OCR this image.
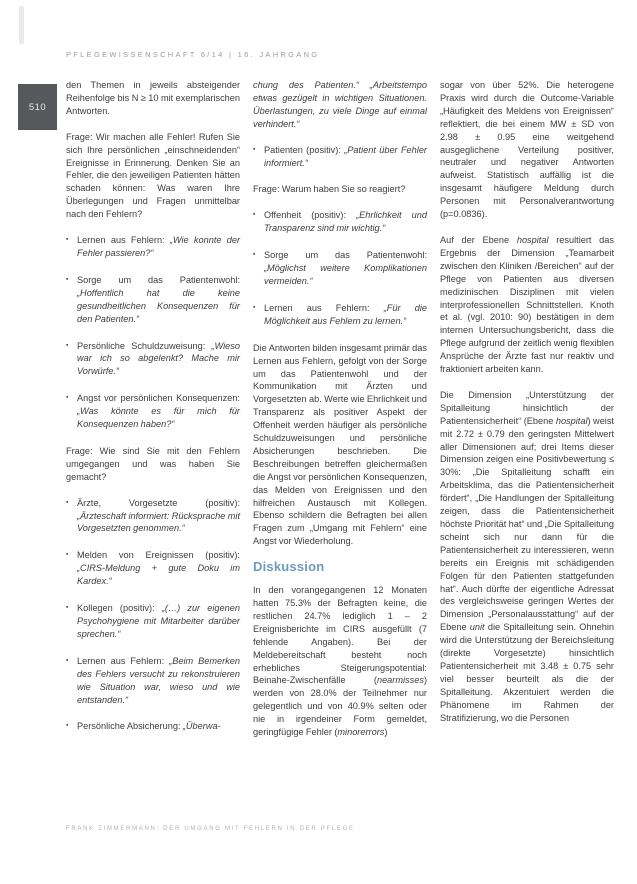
PFLEGEWISSENSCHAFT 6/14 | 16. JAHRGANG
510

den Themen in jeweils absteigender Reihenfolge bis N ≥ 10 mit exemplarischen Antworten.

Frage: Wir machen alle Fehler! Rufen Sie sich Ihre persönlichen „einschneidenden“ Ereignisse in Erinnerung. Denken Sie an Fehler, die den jeweiligen Patienten hätten schaden können: Was waren Ihre Überlegungen und Fragen unmittelbar nach den Fehlern?

▪ Lernen aus Fehlern: „Wie konnte der Fehler passieren?“
▪ Sorge um das Patientenwohl: „Hoffentlich hat die keine gesundheitlichen Konsequenzen für den Patienten.“
▪ Persönliche Schuldzuweisung: „Wieso war ich so abgelenkt? Mache mir Vorwürfe.“
▪ Angst vor persönlichen Konsequenzen: „Was könnte es für mich für Konsequenzen haben?“

Frage: Wie sind Sie mit den Fehlern umgegangen und was haben Sie gemacht?

▪ Ärzte, Vorgesetzte (positiv): „Ärzteschaft informiert: Rücksprache mit Vorgesetzten genommen.“
▪ Melden von Ereignissen (positiv): „CIRS-Meldung + gute Doku im Kardex.“
▪ Kollegen (positiv): „(…) zur eigenen Psychohygiene mit Mitarbeiter darüber sprechen.“
▪ Lernen aus Fehlern: „Beim Bemerken des Fehlers versucht zu rekonstruieren wie Situation war, wieso und wie entstanden.“
▪ Persönliche Absicherung: „Überwa-

chung des Patienten.“ „Arbeitstempo etwas gezügelt in wichtigen Situationen. Überlastungen, zu viele Dinge auf einmal verhindert.“

▪ Patienten (positiv): „Patient über Fehler informiert.“

Frage: Warum haben Sie so reagiert?

▪ Offenheit (positiv): „Ehrlichkeit und Transparenz sind mir wichtig.“
▪ Sorge um das Patientenwohl: „Möglichst weitere Komplikationen vermeiden.“
▪ Lernen aus Fehlern: „Für die Möglichkeit aus Fehlern zu lernen.“

Die Antworten bilden insgesamt primär das Lernen aus Fehlern, gefolgt von der Sorge um das Patientenwohl und der Kommunikation mit Ärzten und Vorgesetzten ab. Werte wie Ehrlichkeit und Transparenz als positiver Aspekt der Offenheit werden häufiger als persönliche Schuldzuweisungen und persönliche Absicherungen beschrieben. Die Beschreibungen betreffen gleichermaßen die Angst vor persönlichen Konsequenzen, das Melden von Ereignissen und den hilfreichen Austausch mit Kollegen. Ebenso schildern die Befragten bei allen Fragen zum „Umgang mit Fehlern“ eine Angst vor Wiederholung.

Diskussion

In den vorangegangenen 12 Monaten hatten 75.3% der Befragten keine, die restlichen 24.7% lediglich 1 – 2 Ereignisberichte im CIRS ausgefüllt (7 fehlende Angaben). Bei der Meldebereitschaft besteht noch erhebliches Steigerungspotential: Beinahe-Zwischenfälle (nearmisses) werden von 28.0% der Teilnehmer nur gelegentlich und von 40.9% selten oder nie in irgendeiner Form gemeldet, geringfügige Fehler (minorerrors)

sogar von über 52%. Die heterogene Praxis wird durch die Outcome-Variable „Häufigkeit des Meldens von Ereignissen“ reflektiert, die bei einem MW ± SD von 2.98 ± 0.95 eine weitgehend ausgeglichene Verteilung positiver, neutraler und negativer Antworten aufweist. Statistisch auffällig ist die insgesamt häufigere Meldung durch Personen mit Personalverantwortung (p=0.0836).

Auf der Ebene hospital resultiert das Ergebnis der Dimension „Teamarbeit zwischen den Kliniken /Bereichen“ auf der Pflege von Patienten aus diversen medizinischen Disziplinen mit vielen interprofessionellen Schnittstellen. Knoth et al. (vgl. 2010: 90) bestätigen in dem internen Untersuchungsbericht, dass die Pflege aufgrund der zeitlich wenig flexiblen Ansprüche der Ärzte fast nur reaktiv und fraktioniert arbeiten kann.

Die Dimension „Unterstützung der Spitalleitung hinsichtlich der Patientensicherheit“ (Ebene hospital) weist mit 2.72 ± 0.79 den geringsten Mittelwert aller Dimensionen auf; drei Items dieser Dimension zeigen eine Positivbewertung ≤ 30%: „Die Spitalleitung schafft ein Arbeitsklima, das die Patientensicherheit fördert“, „Die Handlungen der Spitalleitung zeigen, dass die Patientensicherheit höchste Priorität hat“ und „Die Spitalleitung scheint sich nur dann für die Patientensicherheit zu interessieren, wenn bereits ein Ereignis mit schädigenden Folgen für den Patienten stattgefunden hat“. Auch dürfte der eigentliche Adressat des vergleichsweise geringen Wertes der Dimension „Personalausstattung“ auf der Ebene unit die Spitalleitung sein. Ohnehin wird die Unterstützung der Bereichsleitung (direkte Vorgesetzte) hinsichtlich Patientensicherheit mit 3.48 ± 0.75 sehr viel besser beurteilt als die der Spitalleitung. Akzentuiert werden die Phänomene im Rahmen der Stratifizierung, wo die Personen

FRANK ZIMMERMANN: DER UMGANG MIT FEHLERN IN DER PFLEGE
